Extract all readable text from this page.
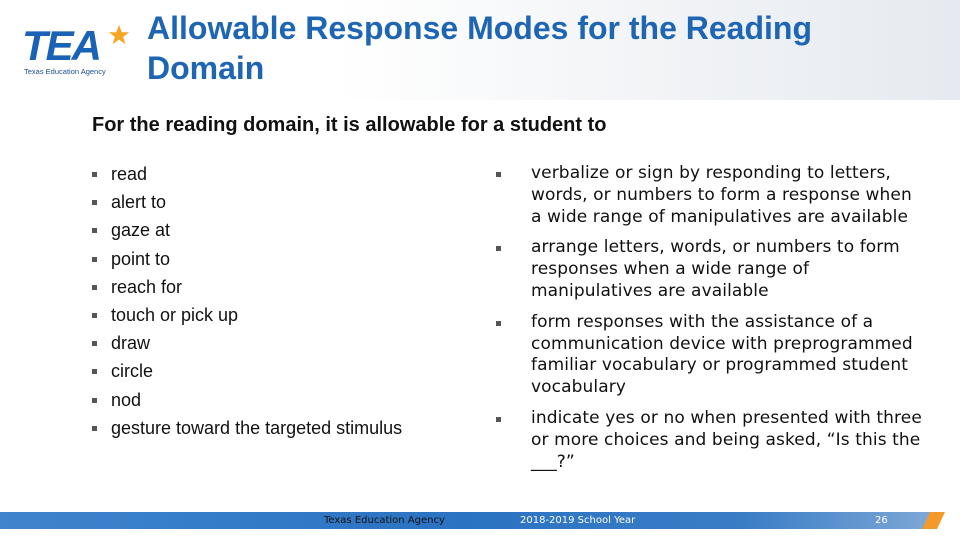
TEA
Texas Education Agency
Allowable Response Modes for the Reading Domain
For the reading domain, it is allowable for a student to
read
alert to
gaze at
point to
reach for
touch or pick up
draw
circle
nod
gesture toward the targeted stimulus
verbalize or sign by responding to letters, words, or numbers to form a response when a wide range of manipulatives are available
arrange letters, words, or numbers to form responses when a wide range of manipulatives are available
form responses with the assistance of a communication device with preprogrammed familiar vocabulary or programmed student vocabulary
indicate yes or no when presented with three or more choices and being asked, “Is this the ___?”
Texas Education Agency	2018-2019 School Year	26
